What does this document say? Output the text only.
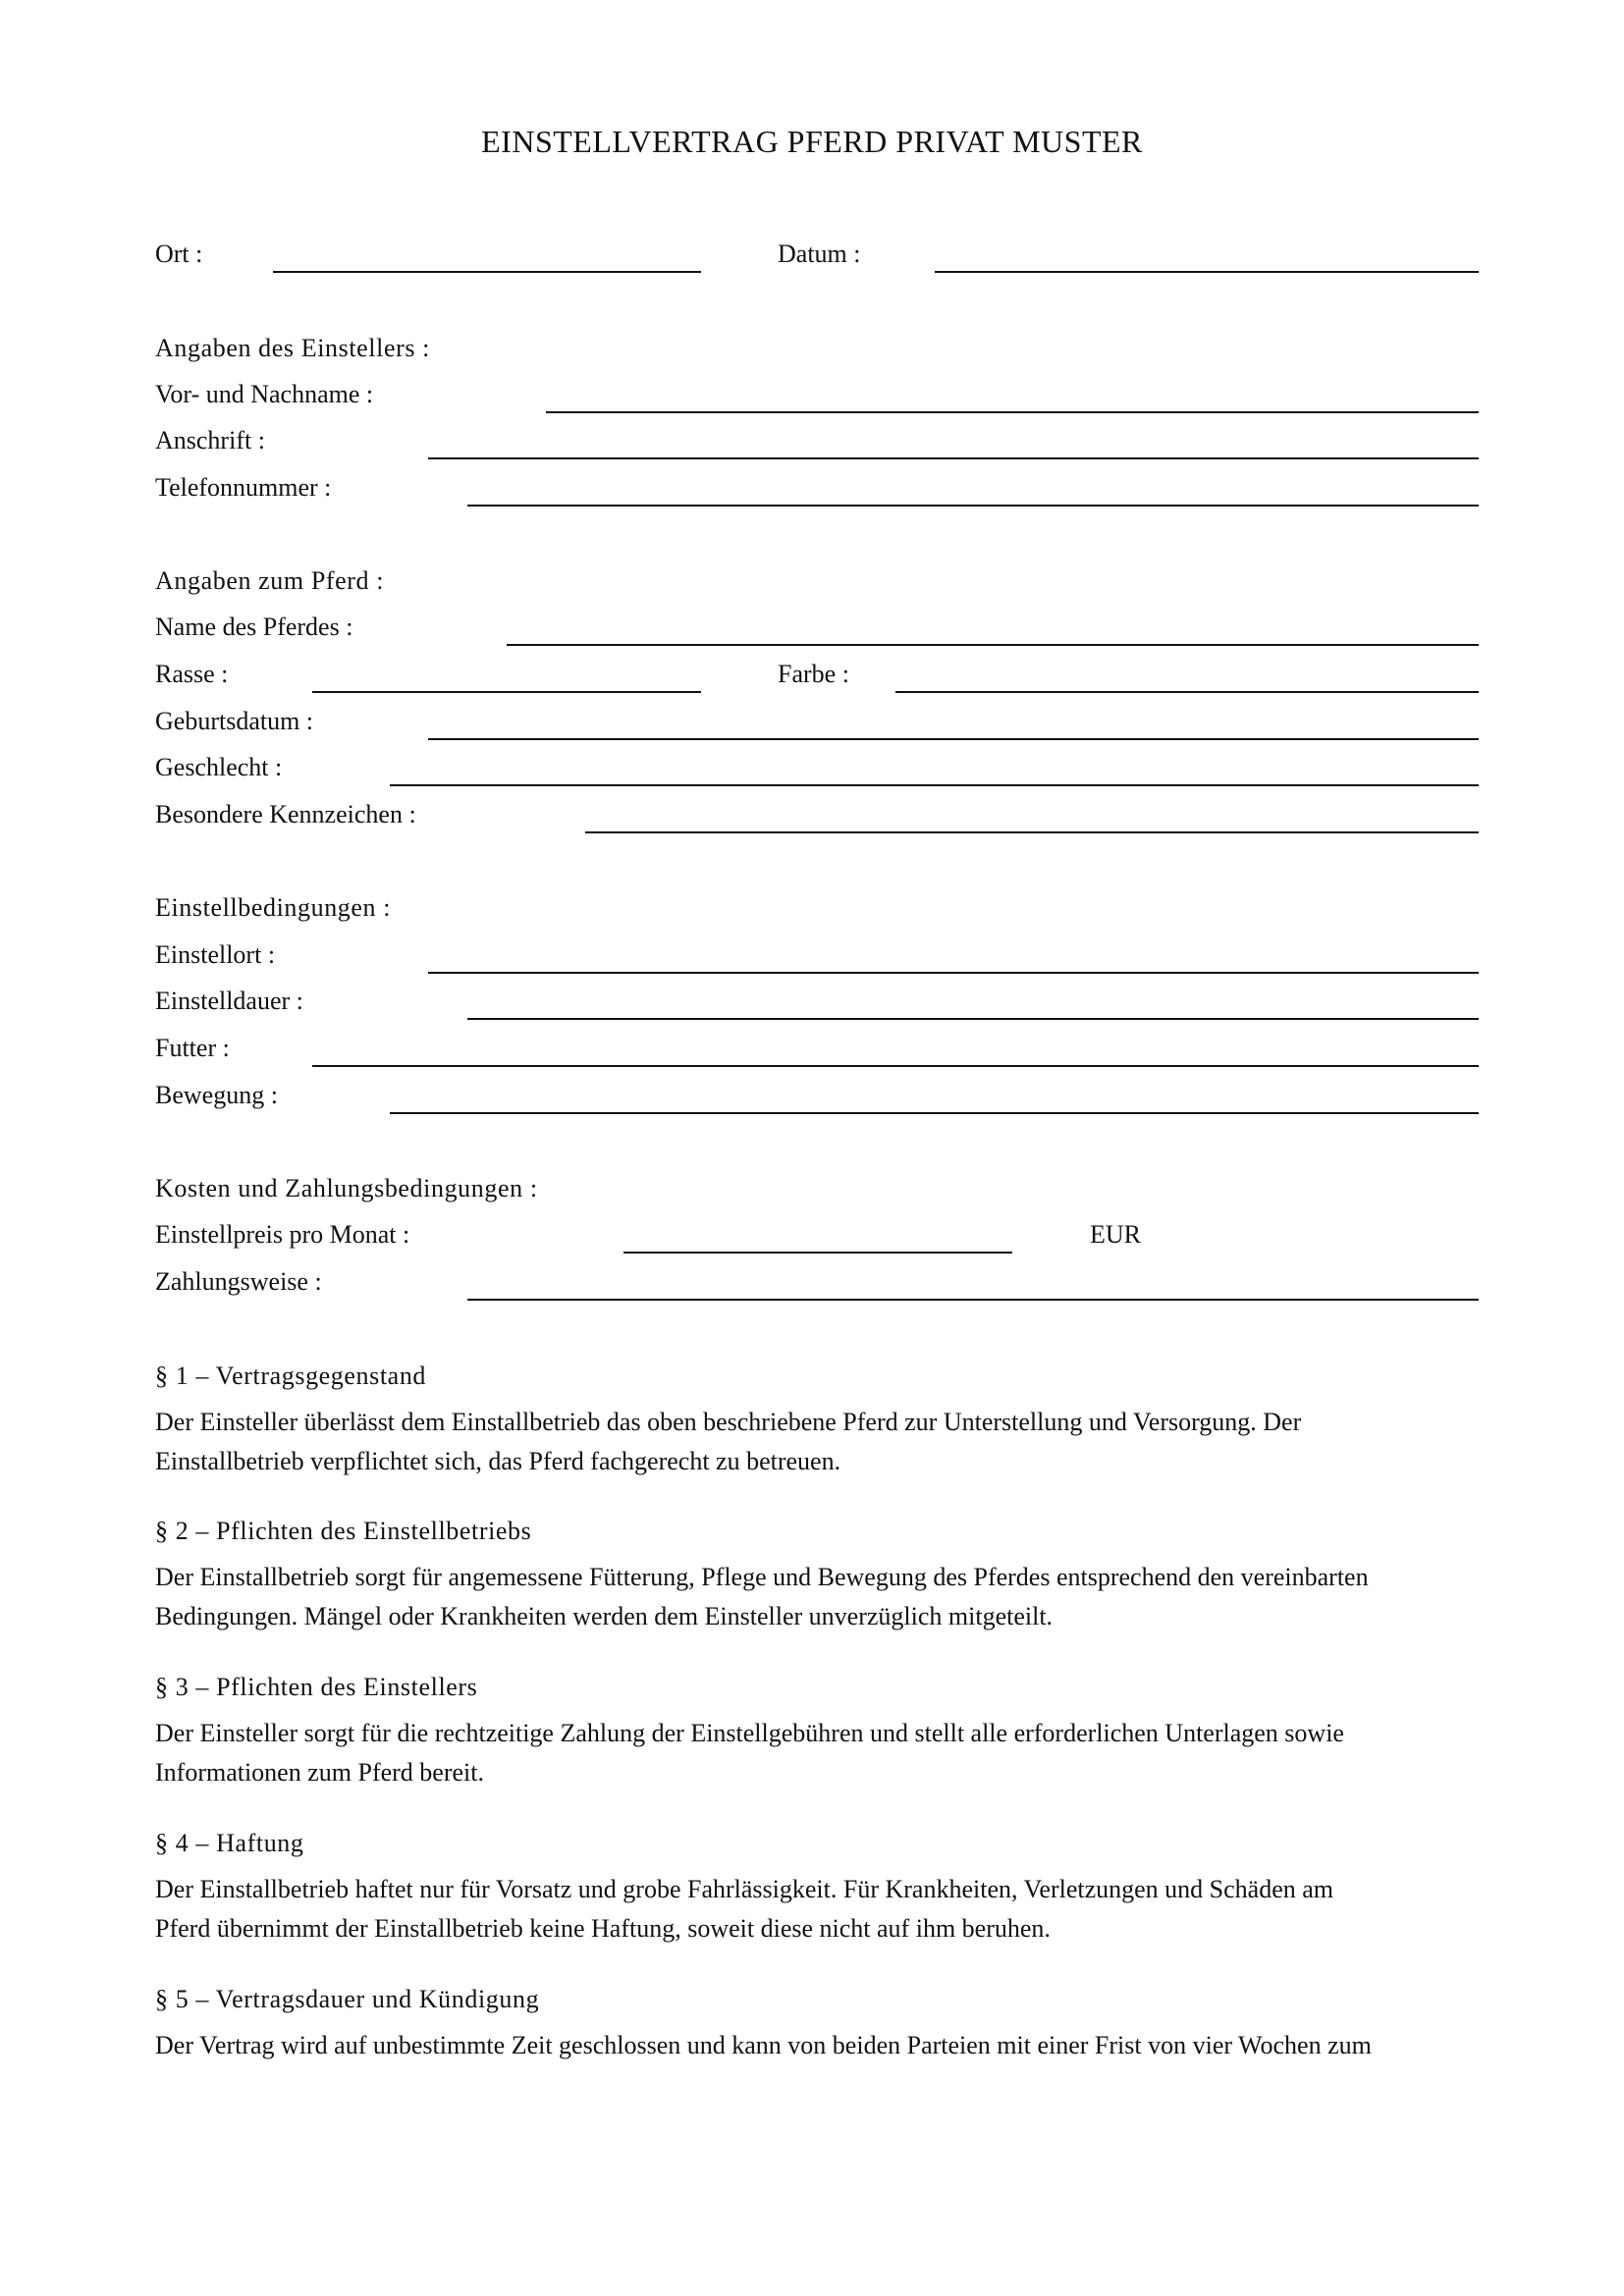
EINSTELLVERTRAG PFERD PRIVAT MUSTER
Ort :	Datum :
Angaben des Einstellers :
Vor- und Nachname :
Anschrift :
Telefonnummer :
Angaben zum Pferd :
Name des Pferdes :
Rasse :	Farbe :
Geburtsdatum :
Geschlecht :
Besondere Kennzeichen :
Einstellbedingungen :
Einstellort :
Einstelldauer :
Futter :
Bewegung :
Kosten und Zahlungsbedingungen :
Einstellpreis pro Monat :	EUR
Zahlungsweise :
§ 1 – Vertragsgegenstand
Der Einsteller überlässt dem Einstallbetrieb das oben beschriebene Pferd zur Unterstellung und Versorgung. Der
Einstallbetrieb verpflichtet sich, das Pferd fachgerecht zu betreuen.
§ 2 – Pflichten des Einstellbetriebs
Der Einstallbetrieb sorgt für angemessene Fütterung, Pflege und Bewegung des Pferdes entsprechend den vereinbarten
Bedingungen. Mängel oder Krankheiten werden dem Einsteller unverzüglich mitgeteilt.
§ 3 – Pflichten des Einstellers
Der Einsteller sorgt für die rechtzeitige Zahlung der Einstellgebühren und stellt alle erforderlichen Unterlagen sowie
Informationen zum Pferd bereit.
§ 4 – Haftung
Der Einstallbetrieb haftet nur für Vorsatz und grobe Fahrlässigkeit. Für Krankheiten, Verletzungen und Schäden am
Pferd übernimmt der Einstallbetrieb keine Haftung, soweit diese nicht auf ihm beruhen.
§ 5 – Vertragsdauer und Kündigung
Der Vertrag wird auf unbestimmte Zeit geschlossen und kann von beiden Parteien mit einer Frist von vier Wochen zum
